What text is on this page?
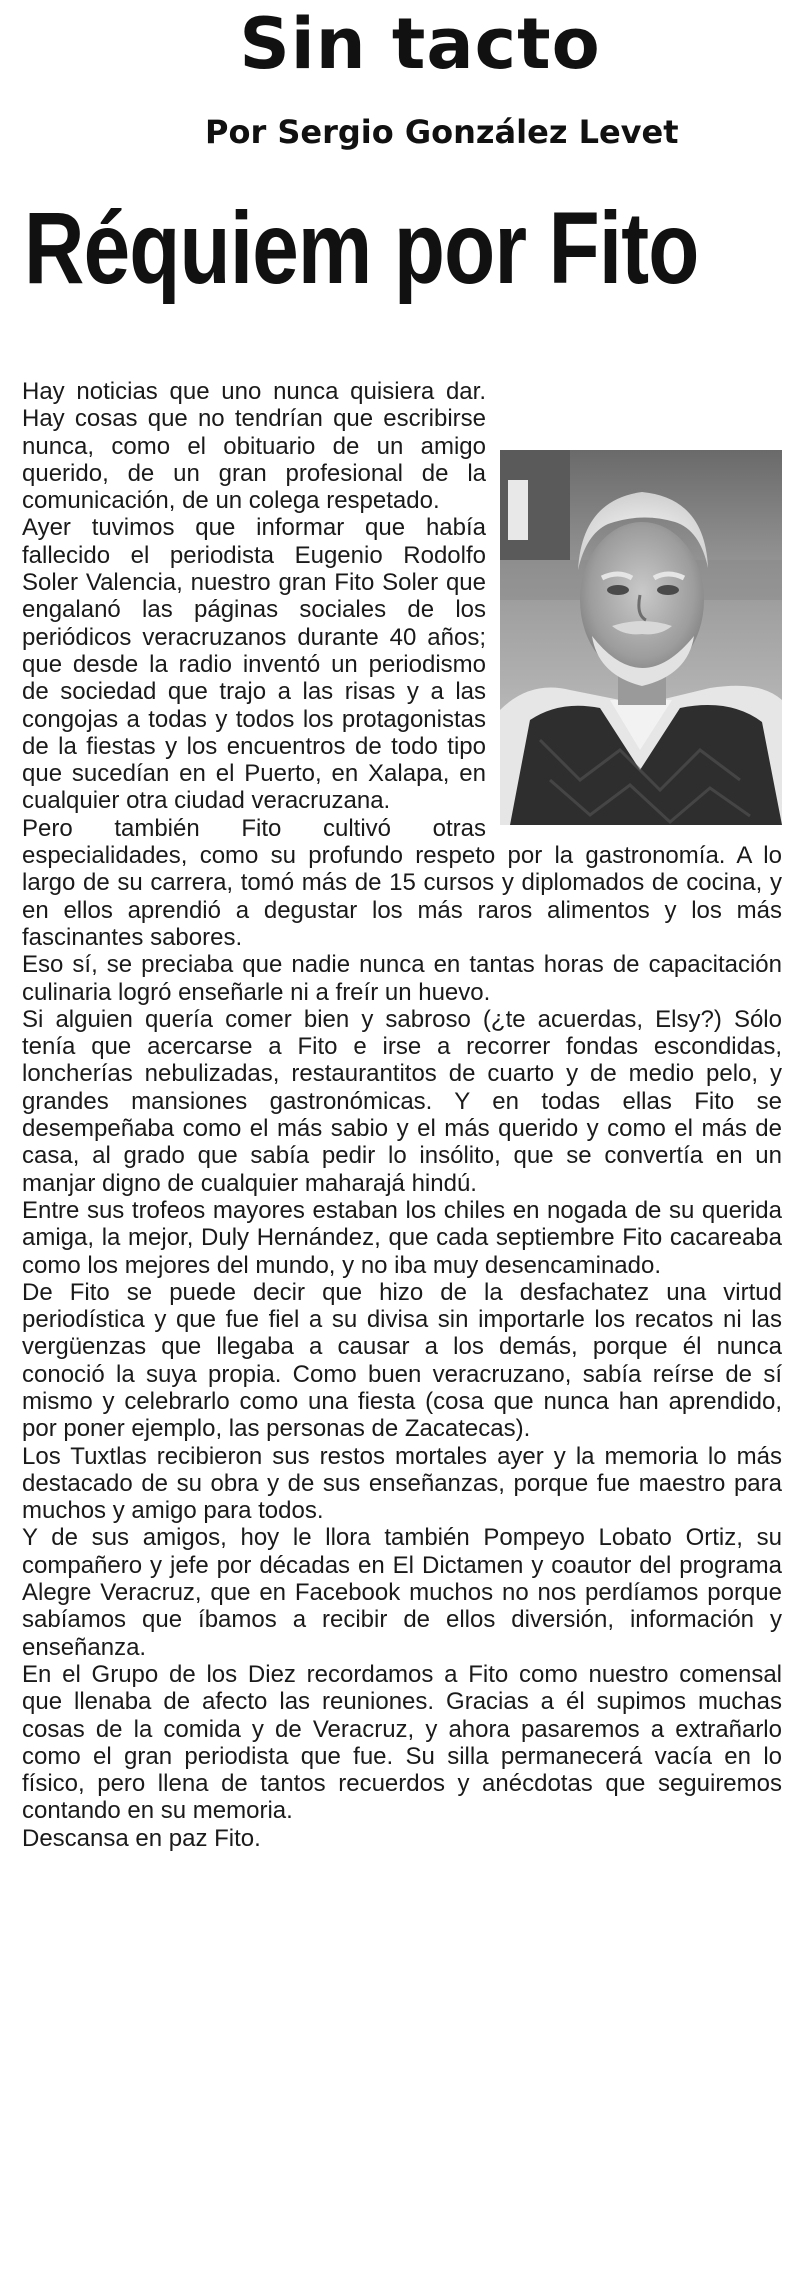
Sin tacto
Por Sergio González Levet
Réquiem por Fito

Hay noticias que uno nunca quisiera dar. Hay cosas que no tendrían que escribirse nunca, como el obituario de un amigo querido, de un gran profesional de la comunicación, de un colega respetado.

Ayer tuvimos que informar que había fallecido el periodista Eugenio Rodolfo Soler Valencia, nuestro gran Fito Soler que engalanó las páginas sociales de los periódicos veracruzanos durante 40 años; que desde la radio inventó un periodismo de sociedad que trajo a las risas y a las congojas a todas y todos los protagonistas de la fiestas y los encuentros de todo tipo que sucedían en el Puerto, en Xalapa, en cualquier otra ciudad veracruzana.

Pero también Fito cultivó otras especialidades, como su profundo respeto por la gastronomía. A lo largo de su carrera, tomó más de 15 cursos y diplomados de cocina, y en ellos aprendió a degustar los más raros alimentos y los más fascinantes sabores.

Eso sí, se preciaba que nadie nunca en tantas horas de capacitación culinaria logró enseñarle ni a freír un huevo.

Si alguien quería comer bien y sabroso (¿te acuerdas, Elsy?) Sólo tenía que acercarse a Fito e irse a recorrer fondas escondidas, loncherías nebulizadas, restaurantitos de cuarto y de medio pelo, y grandes mansiones gastronómicas. Y en todas ellas Fito se desempeñaba como el más sabio y el más querido y como el más de casa, al grado que sabía pedir lo insólito, que se convertía en un manjar digno de cualquier maharajá hindú.

Entre sus trofeos mayores estaban los chiles en nogada de su querida amiga, la mejor, Duly Hernández, que cada septiembre Fito cacareaba como los mejores del mundo, y no iba muy desencaminado.

De Fito se puede decir que hizo de la desfachatez una virtud periodística y que fue fiel a su divisa sin importarle los recatos ni las vergüenzas que llegaba a causar a los demás, porque él nunca conoció la suya propia. Como buen veracruzano, sabía reírse de sí mismo y celebrarlo como una fiesta (cosa que nunca han aprendido, por poner ejemplo, las personas de Zacatecas).

Los Tuxtlas recibieron sus restos mortales ayer y la memoria lo más destacado de su obra y de sus enseñanzas, porque fue maestro para muchos y amigo para todos.

Y de sus amigos, hoy le llora también Pompeyo Lobato Ortiz, su compañero y jefe por décadas en El Dictamen y coautor del programa Alegre Veracruz, que en Facebook muchos no nos perdíamos porque sabíamos que íbamos a recibir de ellos diversión, información y enseñanza.

En el Grupo de los Diez recordamos a Fito como nuestro comensal que llenaba de afecto las reuniones. Gracias a él supimos muchas cosas de la comida y de Veracruz, y ahora pasaremos a extrañarlo como el gran periodista que fue. Su silla permanecerá vacía en lo físico, pero llena de tantos recuerdos y anécdotas que seguiremos contando en su memoria.

Descansa en paz Fito.
